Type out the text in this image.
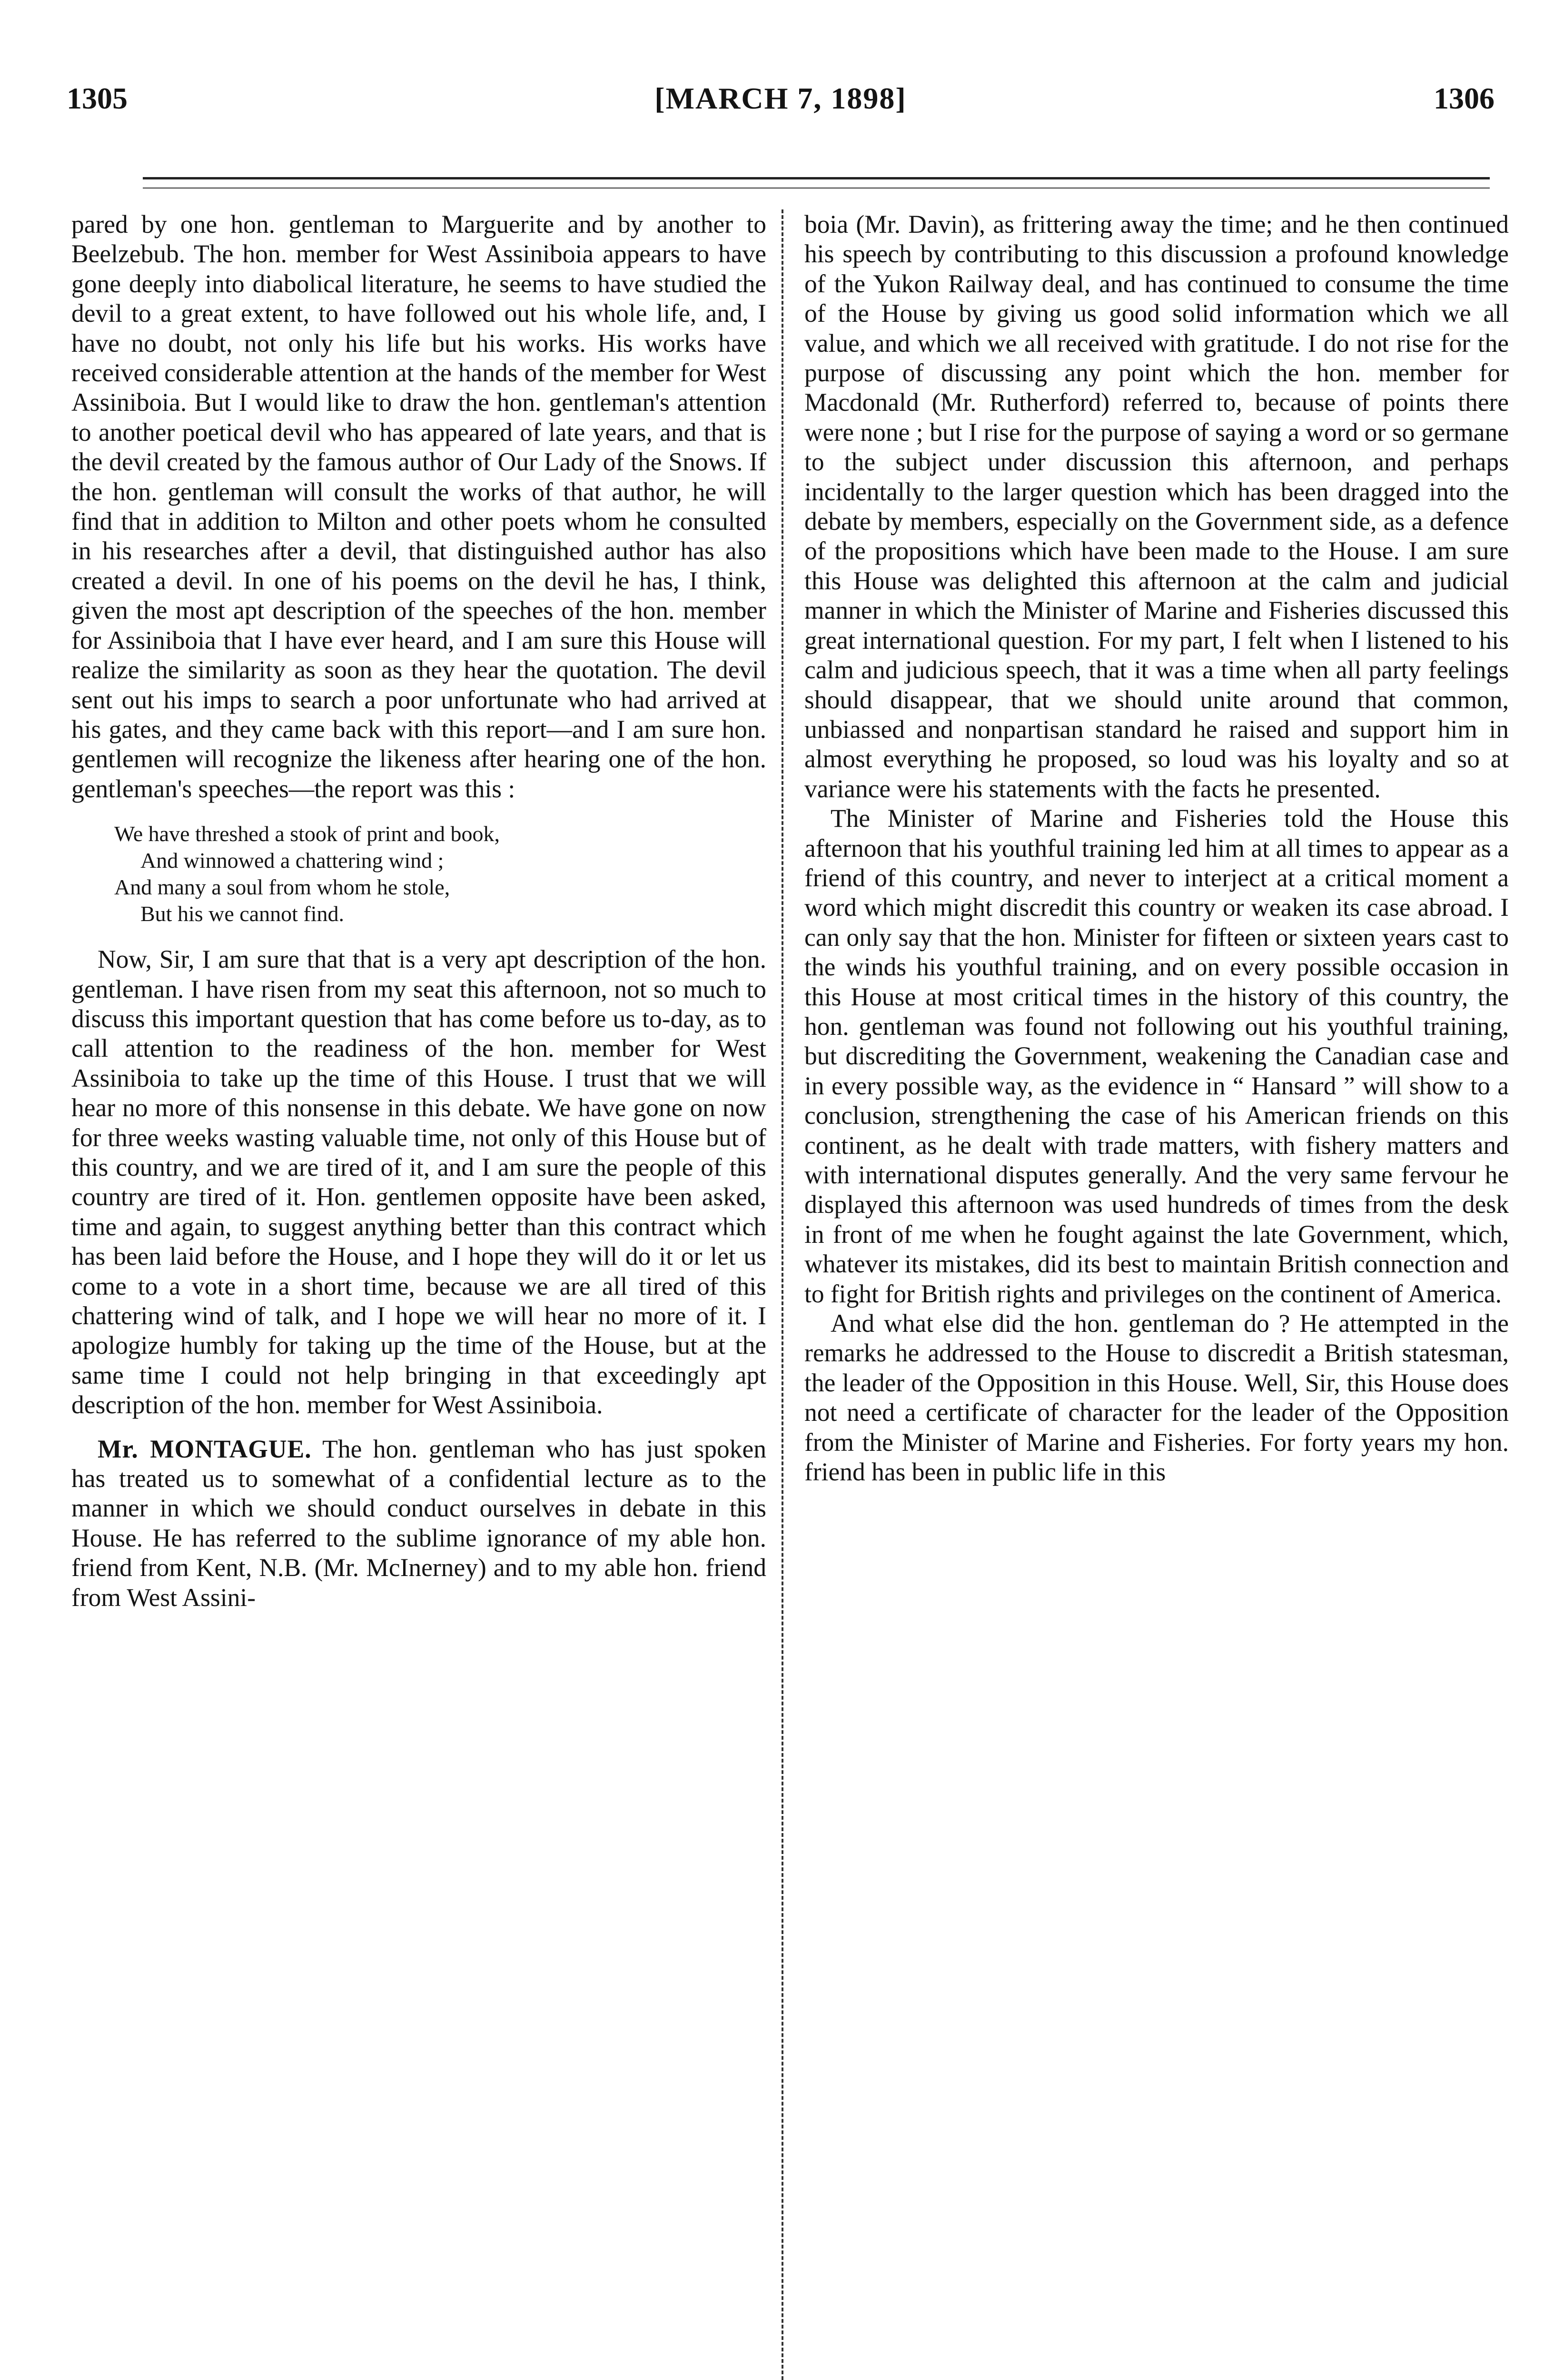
1305	[MARCH 7, 1898]	1306

pared by one hon. gentleman to Marguerite and by another to Beelzebub. The hon. member for West Assiniboia appears to have gone deeply into diabolical literature, he seems to have studied the devil to a great extent, to have followed out his whole life, and, I have no doubt, not only his life but his works. His works have received considerable attention at the hands of the member for West Assiniboia. But I would like to draw the hon. gentleman's attention to another poetical devil who has appeared of late years, and that is the devil created by the famous author of Our Lady of the Snows. If the hon. gentleman will consult the works of that author, he will find that in addition to Milton and other poets whom he consulted in his researches after a devil, that distinguished author has also created a devil. In one of his poems on the devil he has, I think, given the most apt description of the speeches of the hon. member for Assiniboia that I have ever heard, and I am sure this House will realize the similarity as soon as they hear the quotation. The devil sent out his imps to search a poor unfortunate who had arrived at his gates, and they came back with this report—and I am sure hon. gentlemen will recognize the likeness after hearing one of the hon. gentleman's speeches—the report was this :

We have threshed a stook of print and book,
And winnowed a chattering wind ;
And many a soul from whom he stole,
But his we cannot find.

Now, Sir, I am sure that that is a very apt description of the hon. gentleman. I have risen from my seat this afternoon, not so much to discuss this important question that has come before us to-day, as to call attention to the readiness of the hon. member for West Assiniboia to take up the time of this House. I trust that we will hear no more of this nonsense in this debate. We have gone on now for three weeks wasting valuable time, not only of this House but of this country, and we are tired of it, and I am sure the people of this country are tired of it. Hon. gentlemen opposite have been asked, time and again, to suggest anything better than this contract which has been laid before the House, and I hope they will do it or let us come to a vote in a short time, because we are all tired of this chattering wind of talk, and I hope we will hear no more of it. I apologize humbly for taking up the time of the House, but at the same time I could not help bringing in that exceedingly apt description of the hon. member for West Assiniboia.

Mr. MONTAGUE. The hon. gentleman who has just spoken has treated us to somewhat of a confidential lecture as to the manner in which we should conduct ourselves in debate in this House. He has referred to the sublime ignorance of my able hon. friend from Kent, N.B. (Mr. McInerney) and to my able hon. friend from West Assini-

boia (Mr. Davin), as frittering away the time; and he then continued his speech by contributing to this discussion a profound knowledge of the Yukon Railway deal, and has continued to consume the time of the House by giving us good solid information which we all value, and which we all received with gratitude. I do not rise for the purpose of discussing any point which the hon. member for Macdonald (Mr. Rutherford) referred to, because of points there were none ; but I rise for the purpose of saying a word or so germane to the subject under discussion this afternoon, and perhaps incidentally to the larger question which has been dragged into the debate by members, especially on the Government side, as a defence of the propositions which have been made to the House. I am sure this House was delighted this afternoon at the calm and judicial manner in which the Minister of Marine and Fisheries discussed this great international question. For my part, I felt when I listened to his calm and judicious speech, that it was a time when all party feelings should disappear, that we should unite around that common, unbiassed and nonpartisan standard he raised and support him in almost everything he proposed, so loud was his loyalty and so at variance were his statements with the facts he presented.

The Minister of Marine and Fisheries told the House this afternoon that his youthful training led him at all times to appear as a friend of this country, and never to interject at a critical moment a word which might discredit this country or weaken its case abroad. I can only say that the hon. Minister for fifteen or sixteen years cast to the winds his youthful training, and on every possible occasion in this House at most critical times in the history of this country, the hon. gentleman was found not following out his youthful training, but discrediting the Government, weakening the Canadian case and in every possible way, as the evidence in “ Hansard ” will show to a conclusion, strengthening the case of his American friends on this continent, as he dealt with trade matters, with fishery matters and with international disputes generally. And the very same fervour he displayed this afternoon was used hundreds of times from the desk in front of me when he fought against the late Government, which, whatever its mistakes, did its best to maintain British connection and to fight for British rights and privileges on the continent of America.

And what else did the hon. gentleman do ? He attempted in the remarks he addressed to the House to discredit a British statesman, the leader of the Opposition in this House. Well, Sir, this House does not need a certificate of character for the leader of the Opposition from the Minister of Marine and Fisheries. For forty years my hon. friend has been in public life in this
